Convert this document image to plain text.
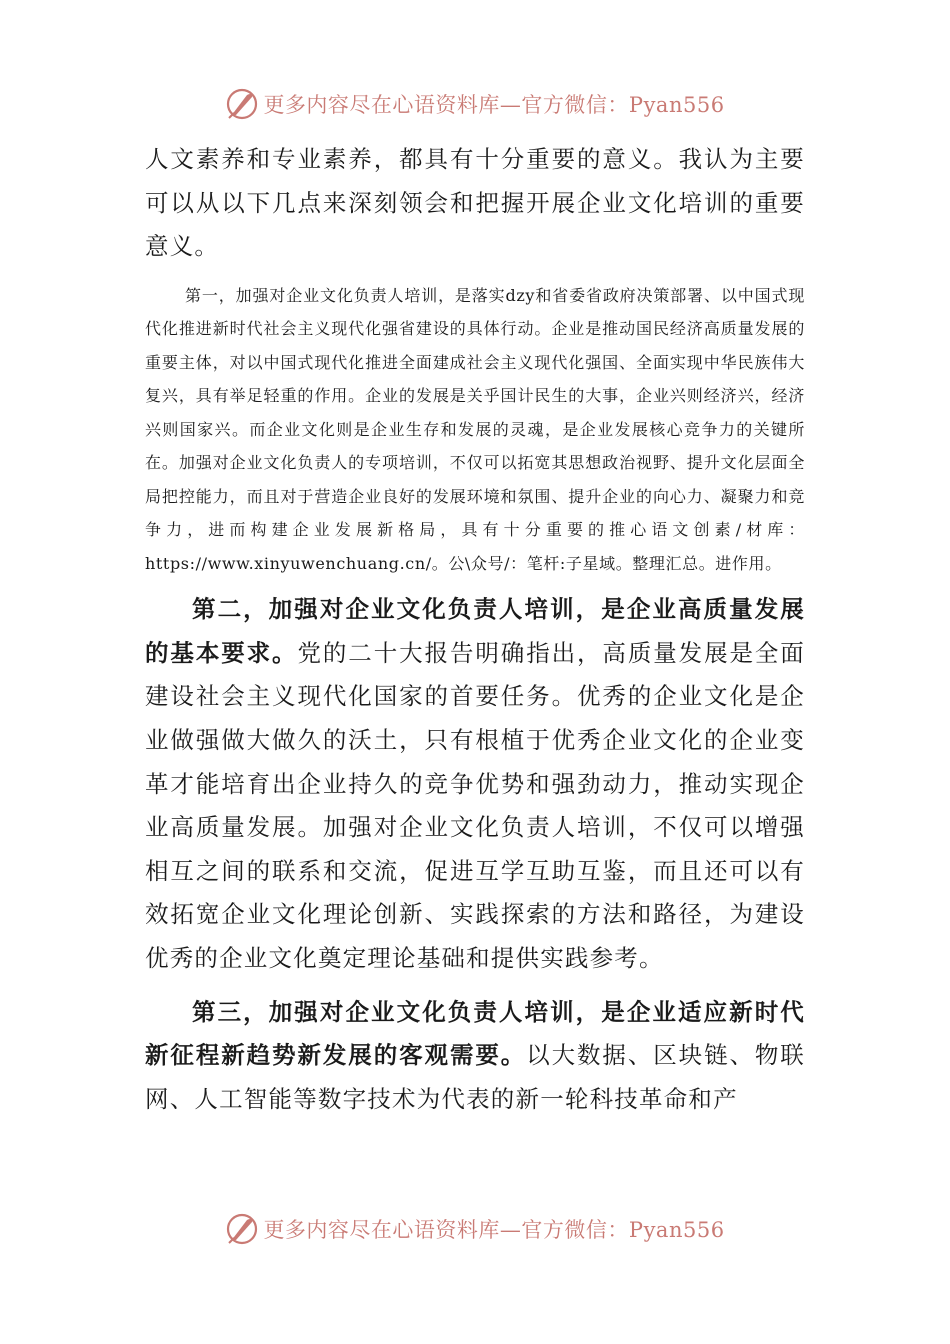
更多内容尽在心语资料库—官方微信：Pyan556

人文素养和专业素养，都具有十分重要的意义。我认为主要可以从以下几点来深刻领会和把握开展企业文化培训的重要意义。

第一，加强对企业文化负责人培训，是落实dzy和省委省政府决策部署、以中国式现代化推进新时代社会主义现代化强省建设的具体行动。企业是推动国民经济高质量发展的重要主体，对以中国式现代化推进全面建成社会主义现代化强国、全面实现中华民族伟大复兴，具有举足轻重的作用。企业的发展是关乎国计民生的大事，企业兴则经济兴，经济兴则国家兴。而企业文化则是企业生存和发展的灵魂，是企业发展核心竞争力的关键所在。加强对企业文化负责人的专项培训，不仅可以拓宽其思想政治视野、提升文化层面全局把控能力，而且对于营造企业良好的发展环境和氛围、提升企业的向心力、凝聚力和竞争力，进而构建企业发展新格局，具有十分重要的推心语文创素/材库：https://www.xinyuwenchuang.cn/。公\众号/：笔杆:子星域。整理汇总。进作用。

第二，加强对企业文化负责人培训，是企业高质量发展的基本要求。党的二十大报告明确指出，高质量发展是全面建设社会主义现代化国家的首要任务。优秀的企业文化是企业做强做大做久的沃土，只有根植于优秀企业文化的企业变革才能培育出企业持久的竞争优势和强劲动力，推动实现企业高质量发展。加强对企业文化负责人培训，不仅可以增强相互之间的联系和交流，促进互学互助互鉴，而且还可以有效拓宽企业文化理论创新、实践探索的方法和路径，为建设优秀的企业文化奠定理论基础和提供实践参考。

第三，加强对企业文化负责人培训，是企业适应新时代新征程新趋势新发展的客观需要。以大数据、区块链、物联网、人工智能等数字技术为代表的新一轮科技革命和产

更多内容尽在心语资料库—官方微信：Pyan556
